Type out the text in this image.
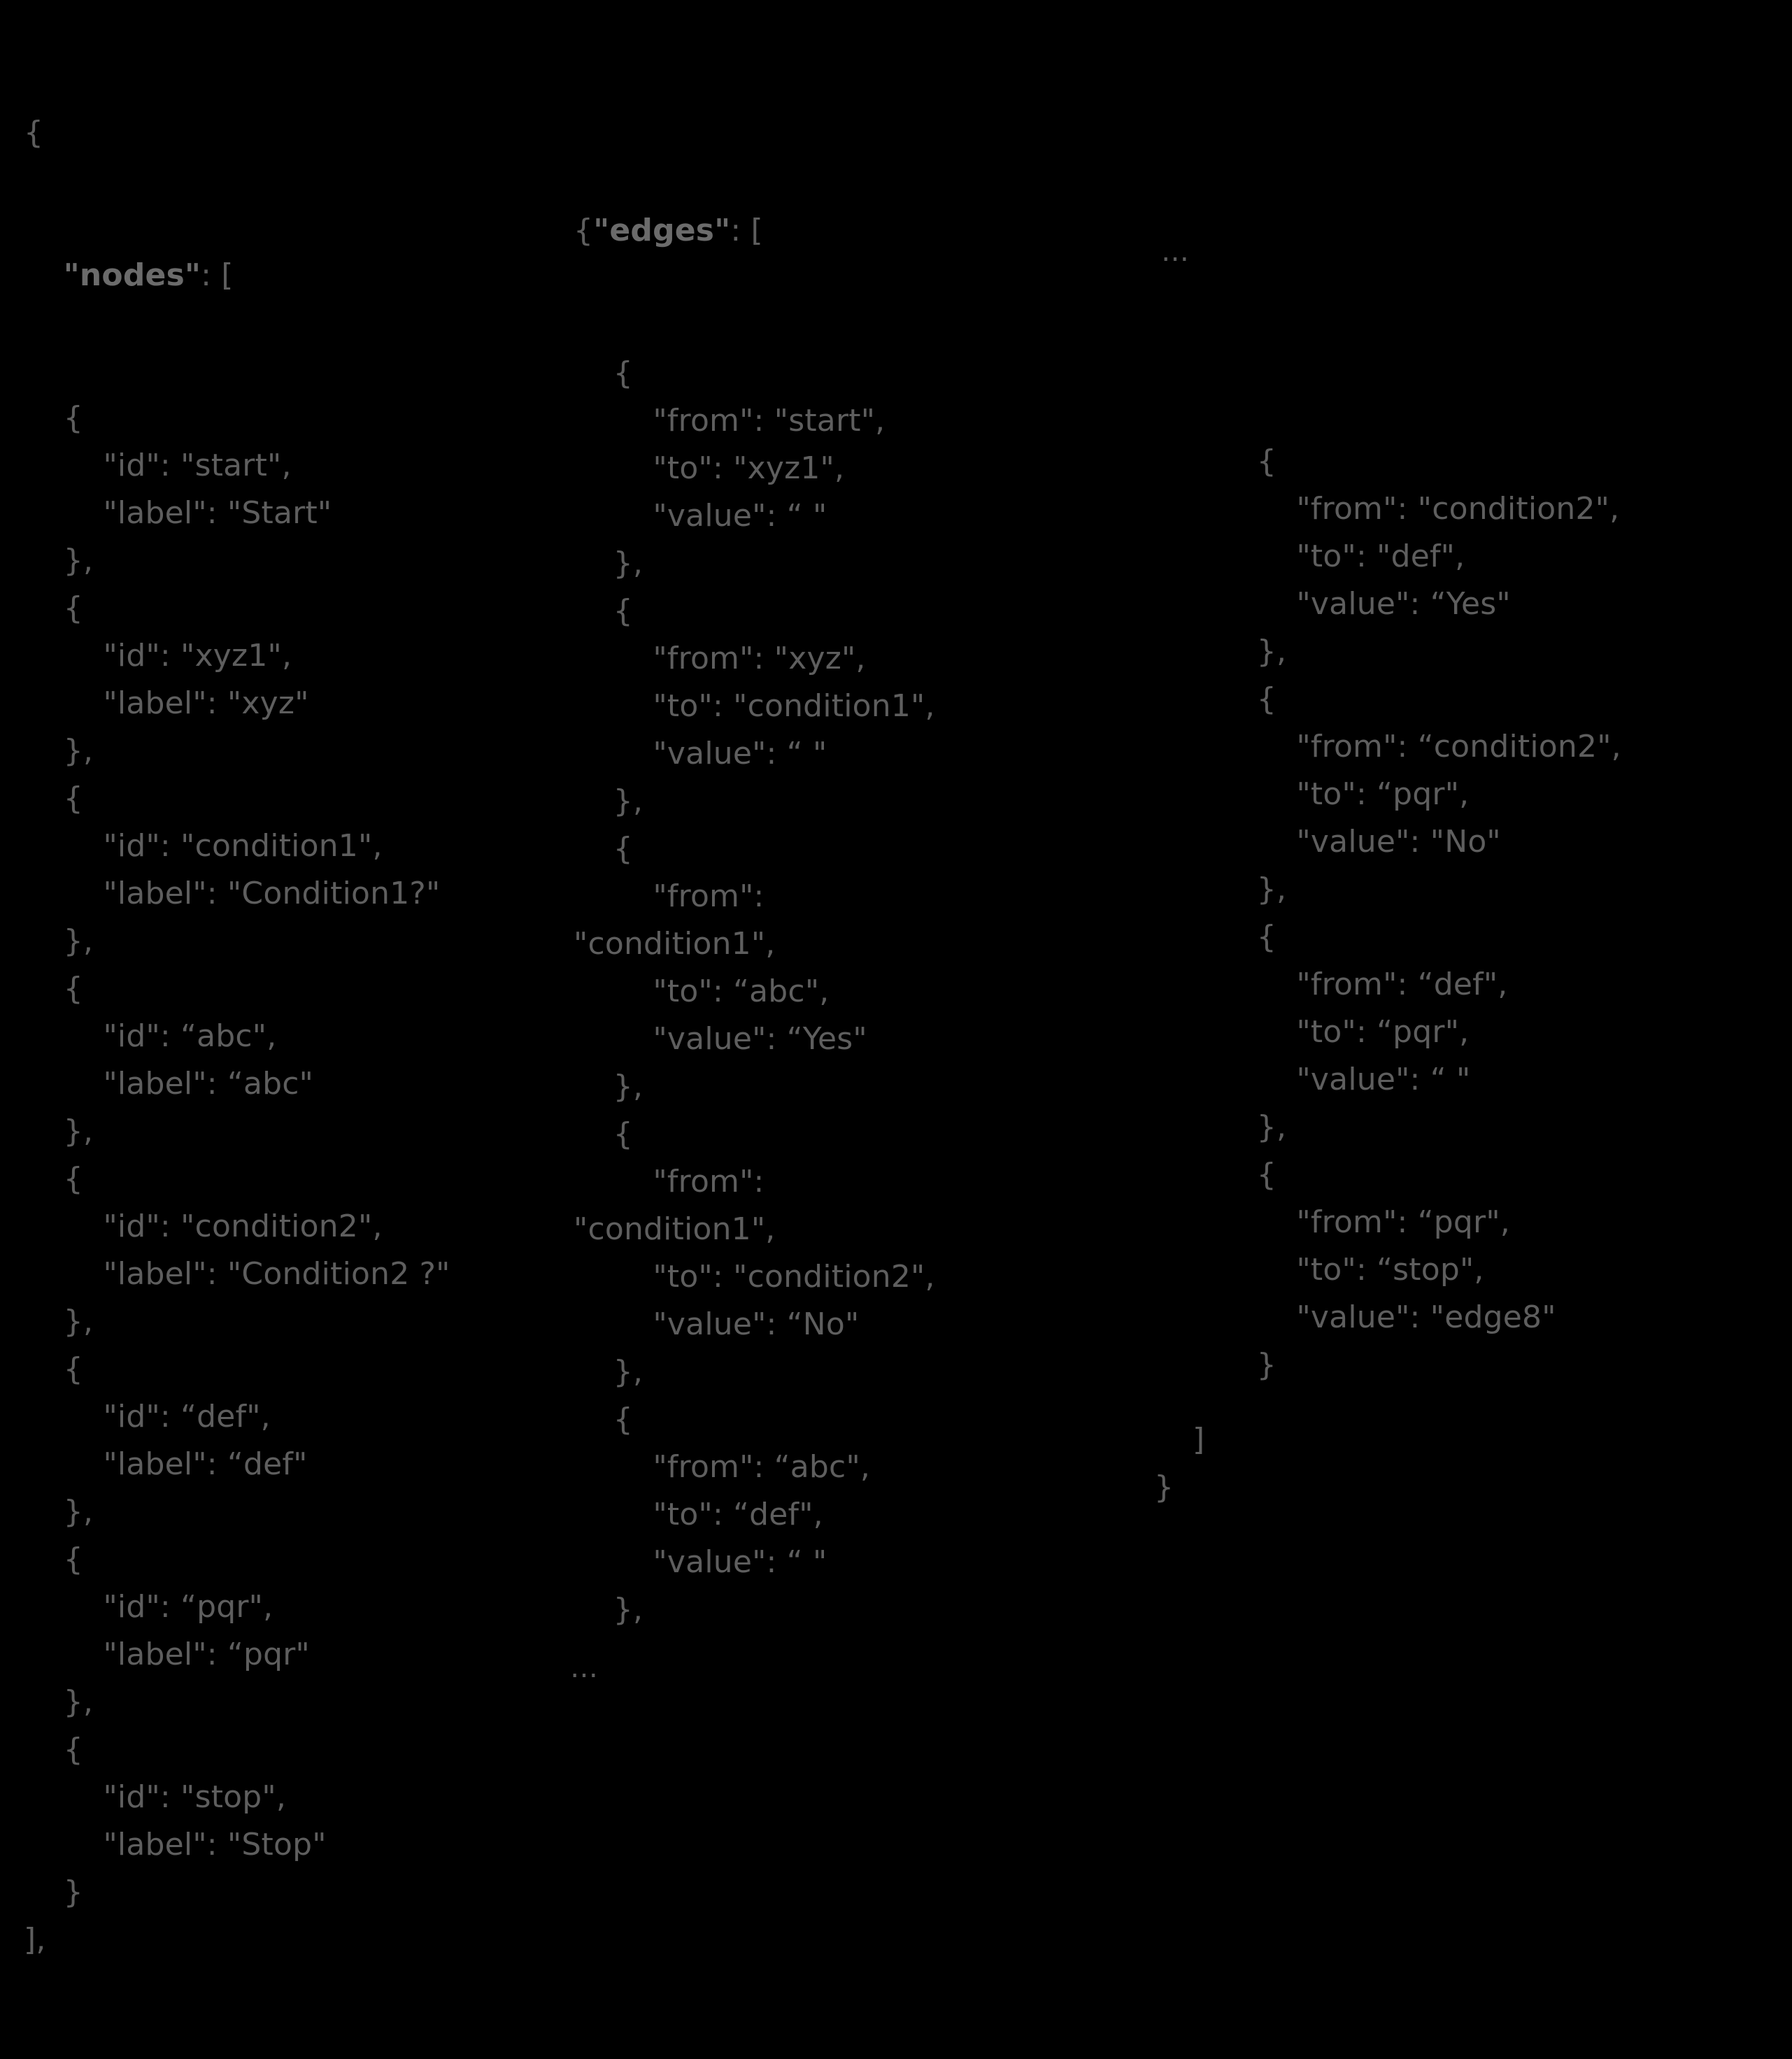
{

"nodes": [

{
"id": "start",
"label": "Start"
},
{
"id": "xyz1",
"label": "xyz"
},
{
"id": "condition1",
"label": "Condition1?"
},
{
"id": “abc",
"label": “abc"
},
{
"id": "condition2",
"label": "Condition2 ?"
},
{
"id": “def",
"label": “def"
},
{
"id": “pqr",
"label": “pqr"
},
{
"id": "stop",
"label": "Stop"
}
],

{"edges": [

{
"from": "start",
"to": "xyz1",
"value": “ "
},
{
"from": "xyz",
"to": "condition1",
"value": “ "
},
{
"from":
"condition1",
"to": “abc",
"value": “Yes"
},
{
"from":
"condition1",
"to": "condition2",
"value": “No"
},
{
"from": “abc",
"to": “def",
"value": “ "
},

{
"from": "condition2",
"to": "def",
"value": “Yes"
},
{
"from": “condition2",
"to": “pqr",
"value": "No"
},
{
"from": “def",
"to": “pqr",
"value": “ "
},
{
"from": “pqr",
"to": “stop",
"value": "edge8"
}

…
…
]
}
